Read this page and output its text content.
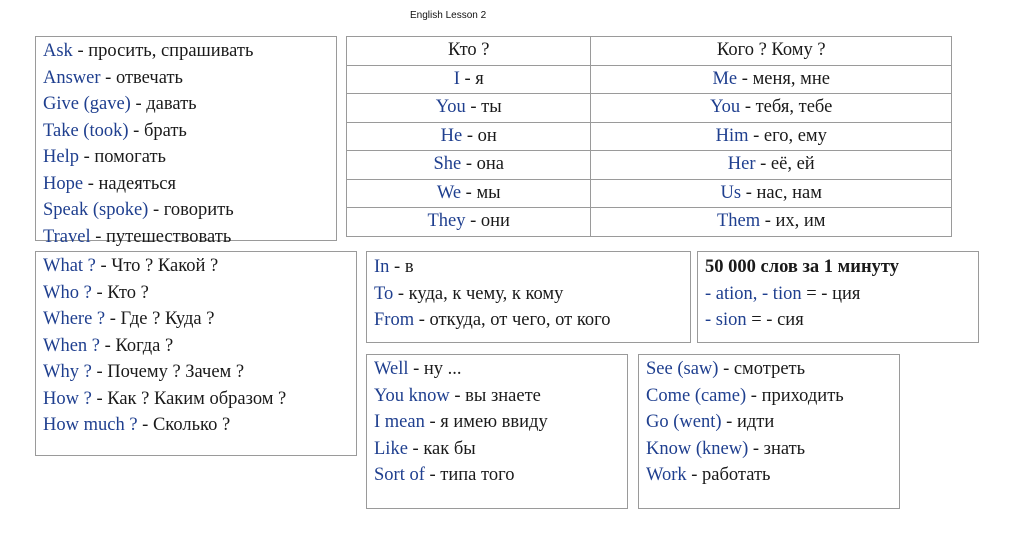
English Lesson 2
Ask - просить, спрашивать
Answer - отвечать
Give (gave) - давать
Take (took) - брать
Help - помогать
Hope - надеяться
Speak (spoke) - говорить
Travel - путешествовать
Кто ?	Кого ? Кому ?
I - я	Me - меня, мне
You - ты	You - тебя, тебе
He - он	Him - его, ему
She - она	Her - её, ей
We - мы	Us - нас, нам
They - они	Them - их, им
What ? - Что ? Какой ?
Who ? - Кто ?
Where ? - Где ? Куда ?
When ? - Когда ?
Why ? - Почему ? Зачем ?
How ? - Как ? Каким образом ?
How much ? - Сколько ?
In - в
To - куда, к чему, к кому
From - откуда, от чего, от кого
50 000 слов за 1 минуту
- ation, - tion = - ция
- sion = - сия
Well - ну ...
You know - вы знаете
I mean - я имею ввиду
Like - как бы
Sort of - типа того
See (saw) - смотреть
Come (came) - приходить
Go (went) - идти
Know (knew) - знать
Work - работать
